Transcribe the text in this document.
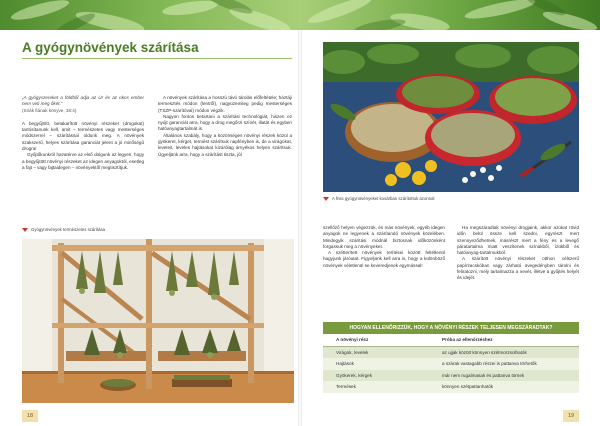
A gyógynövények szárítása

„A gyógyszereket a földből adja az Úr és az okos ember nem veti meg őket.”

(Sirák fiának könyve, 38:4)

A begyűjtött, betakarított növényi részeket (drogokat) tartósítanunk kell, amit ‒ természetes vagy mesterséges módszerrel ‒ szárítással oldunk meg. A növények szakszerű, helyes szárítása garanciát jelent a jó minőségű drogra!

Gyűjtőkunkról hazatérve az első dolgunk az legyen, hogy a begyűjtött növényi részeket az idegen anyagoktól, esetleg a fajt ‒ vagy fajtaidegen ‒ növényektől megtisztítjuk.

A növények szárítása a hosszú távú tárolás előfeltétele; háztáji termesztés módon (lentről), nagyüzemileg pedig mesterséges (TSZP-szárítóval) módon végzik.

Nagyon fontos betartani a szárítási technológiát, hiszen ez nyújt garanciát arra, hogy a drog megőrzi színét, illatát és egyben hatóanyagtartalmát is.

Általános szabály, hogy a közönséges növényi részek közül a gyökeret, kérget, termést szárítsuk napfényben is, de a virágokat, leveleit, leveles hajtásokat kizárólag árnyékos helyen szárítsuk. Ügyeljünk arra, hogy a szárítást tiszta, jól

Gyógynövények természetes szárítása
18
A friss gyógynövényeket kosárban szárítottuk azonnal

szellőző helyen végezzük, és más növények, egyéb idegen anyagok ne legyenek a szárítandó növények közelében. Mindegyik szárítási módnál biztosnak időközönként forgassuk meg a növényeket.

A szétterített növények terítései között feltétlenül hagyjunk járóutat. Figyeljünk kell arra is, hogy a különböző növények véletlenül se keveredjenek egymással!

Ha megszáradtak növényi drogjaink, akkor azokat rövid időn belül össze kell szedni, egyrészt mert szennyeződhetnek, másrészt mert a fény és a levegő páratartalma miatt veszítenek színükből, ízükből és hatóanyag-tartalmukból.

A szárított növényi részeket otthon célszerű papírzacskóban vagy zárható üvegedényben tárolni és feliratozni, mely tartalmazza a nevét, illetve a gyűjtés helyét és idejét.

HOGYAN ELLENŐRIZZÜK, HOGY A NÖVÉNYI RÉSZEK TELJESEN MEGSZÁRADTAK?
A növényi rész	Próba az ellenőrzéshez
Virágok, levelek	az ujjak között könnyen szétmorzsolhatók
Hajtások	a szárak vastagabb részei is pattanva törhetők
Gyökerek, kérgek	már nem rugalmasak és pattanva törnek
Termések	könnyen szétpattanhatók
19
